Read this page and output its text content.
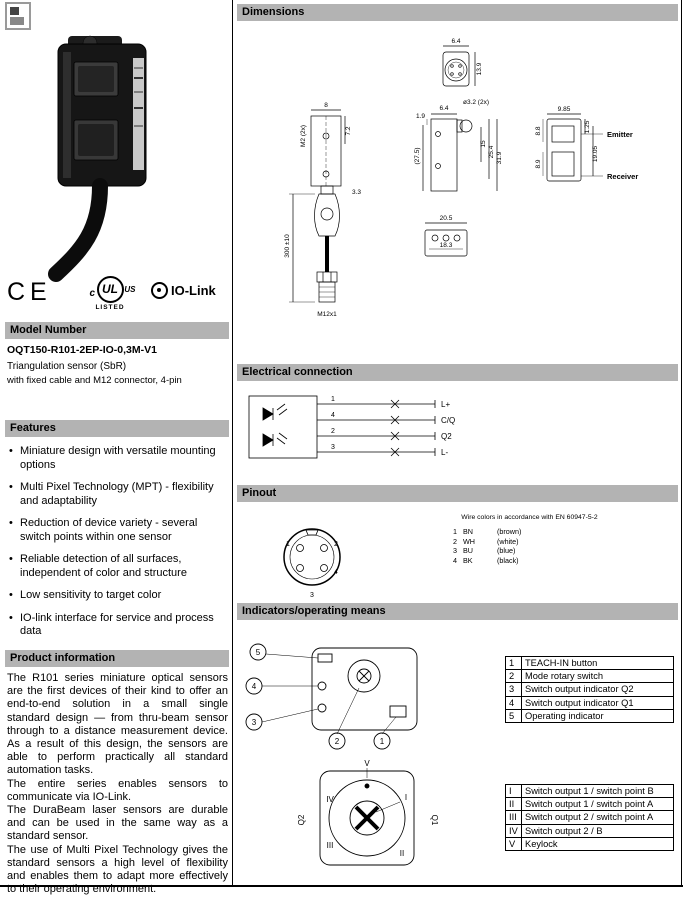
CE	UL
c	US
LISTED
IO-Link
Model Number
OQT150-R101-2EP-IO-0,3M-V1
Triangulation sensor (SbR)
with fixed cable and M12 connector, 4-pin
Features
• Miniature design with versatile mounting options
• Multi Pixel Technology (MPT) - flexibility and adaptability
• Reduction of device variety - several switch points within one sensor
• Reliable detection of all surfaces, independent of color and structure
• Low sensitivity to target color
• IO-link interface for service and process data
Product information

The R101 series miniature optical sensors are the first devices of their kind to offer an end-to-end solution in a small single standard design — from thru-beam sensor through to a distance measurement device. As a result of this design, the sensors are able to perform practically all standard automation tasks.

The entire series enables sensors to communicate via IO-Link.

The DuraBeam laser sensors are durable and can be used in the same way as a standard sensor.

The use of Multi Pixel Technology gives the standard sensors a high level of flexibility and enables them to adapt more effectively to their operating environment.

Dimensions
6.4
13.9
8
7.2
M2 (2x)
3.3
300 ±10
M12x1
6.4
ø3.2 (2x)
1.9
(27.5)
15
25.4 31.9
9.85
1.25
19.05
8.8
8.9
Emitter
Receiver
20.5
18.3
Electrical connection
1
4
2
3
L+
C/Q
Q2
L-
Pinout
1	2
3
4
Wire colors in accordance with EN 60947-5-2
1 BN	(brown)
2 WH	(white)
3 BU	(blue)
4 BK	(black)
Indicators/operating means
5
4
3
2	1
1	TEACH-IN button
2	Mode rotary switch
3	Switch output indicator Q2
4	Switch output indicator Q1
5	Operating indicator
V
IV	I
III
II
Q2	Q1
I	Switch output 1 / switch point B
II	Switch output 1 / switch point A
III	Switch output 2 / switch point A
IV	Switch output 2 / B
V	Keylock
